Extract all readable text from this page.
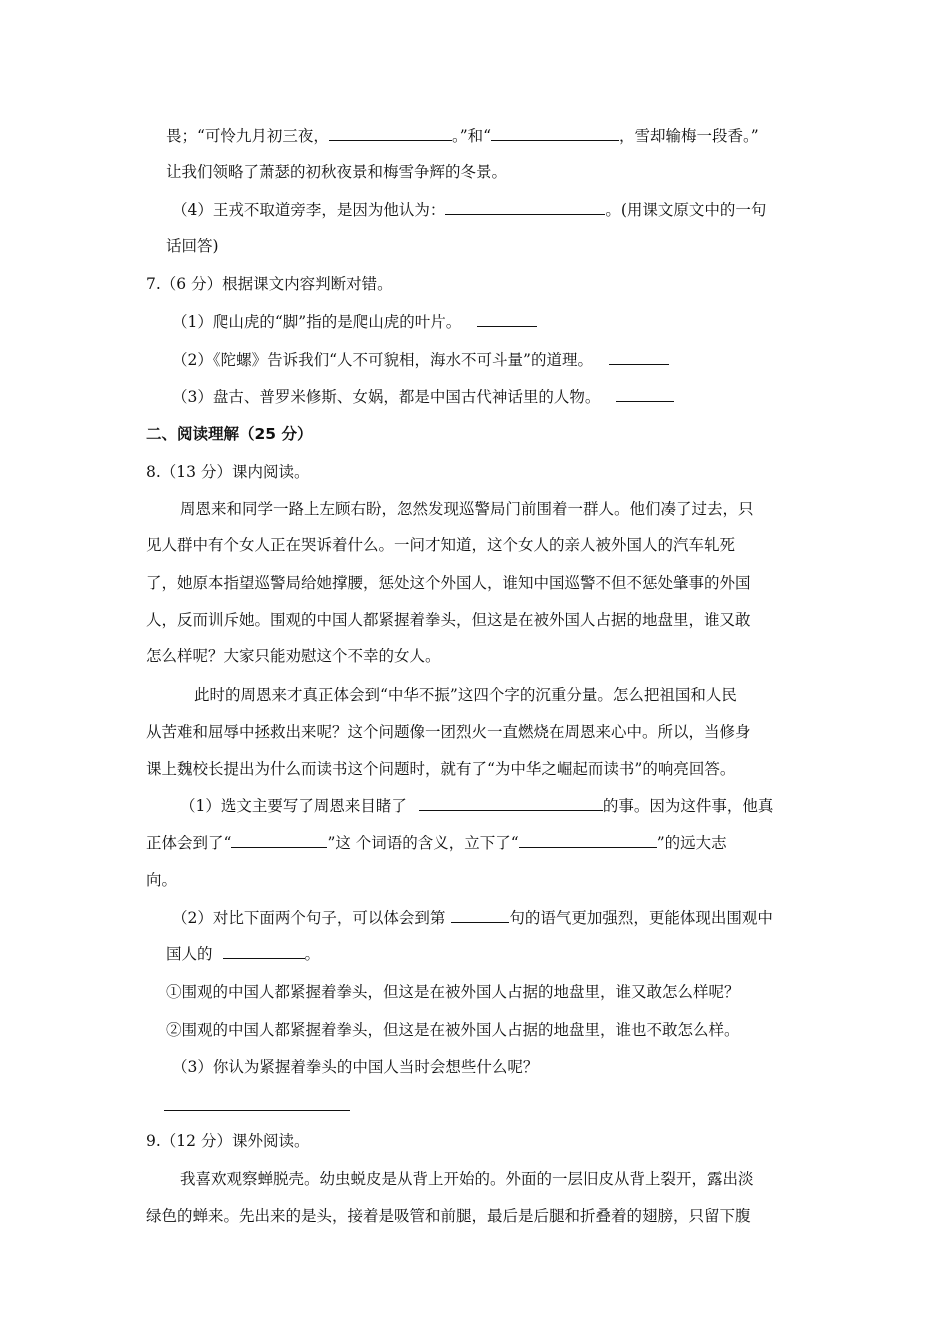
畏；“可怜九月初三夜，	。”和“	，雪却输梅一段香。”
让我们领略了萧瑟的初秋夜景和梅雪争辉的冬景。
（4）王戎不取道旁李，是因为他认为：	。(用课文原文中的一句
话回答)
7.（6 分）根据课文内容判断对错。
（1）爬山虎的“脚”指的是爬山虎的叶片。
（2）《陀螺》告诉我们“人不可貌相，海水不可斗量”的道理。
（3）盘古、普罗米修斯、女娲，都是中国古代神话里的人物。
二、阅读理解（25 分）
8.（13 分）课内阅读。
周恩来和同学一路上左顾右盼，忽然发现巡警局门前围着一群人。他们凑了过去，只
见人群中有个女人正在哭诉着什么。一问才知道，这个女人的亲人被外国人的汽车轧死
了，她原本指望巡警局给她撑腰，惩处这个外国人，谁知中国巡警不但不惩处肇事的外国
人，反而训斥她。围观的中国人都紧握着拳头，但这是在被外国人占据的地盘里，谁又敢
怎么样呢？大家只能劝慰这个不幸的女人。
此时的周恩来才真正体会到“中华不振”这四个字的沉重分量。怎么把祖国和人民
从苦难和屈辱中拯救出来呢？这个问题像一团烈火一直燃烧在周恩来心中。所以，当修身
课上魏校长提出为什么而读书这个问题时，就有了“为中华之崛起而读书”的响亮回答。
（1）选文主要写了周恩来目睹了	的事。因为这件事，他真
正体会到了“	”这 个词语的含义，立下了“	”的远大志
向。
（2）对比下面两个句子，可以体会到第	句的语气更加强烈，更能体现出围观中
国人的	。
①围观的中国人都紧握着拳头，但这是在被外国人占据的地盘里，谁又敢怎么样呢？
②围观的中国人都紧握着拳头，但这是在被外国人占据的地盘里，谁也不敢怎么样。
（3）你认为紧握着拳头的中国人当时会想些什么呢？
9.（12 分）课外阅读。
我喜欢观察蝉脱壳。幼虫蜕皮是从背上开始的。外面的一层旧皮从背上裂开，露出淡
绿色的蝉来。先出来的是头，接着是吸管和前腿，最后是后腿和折叠着的翅膀，只留下腹
